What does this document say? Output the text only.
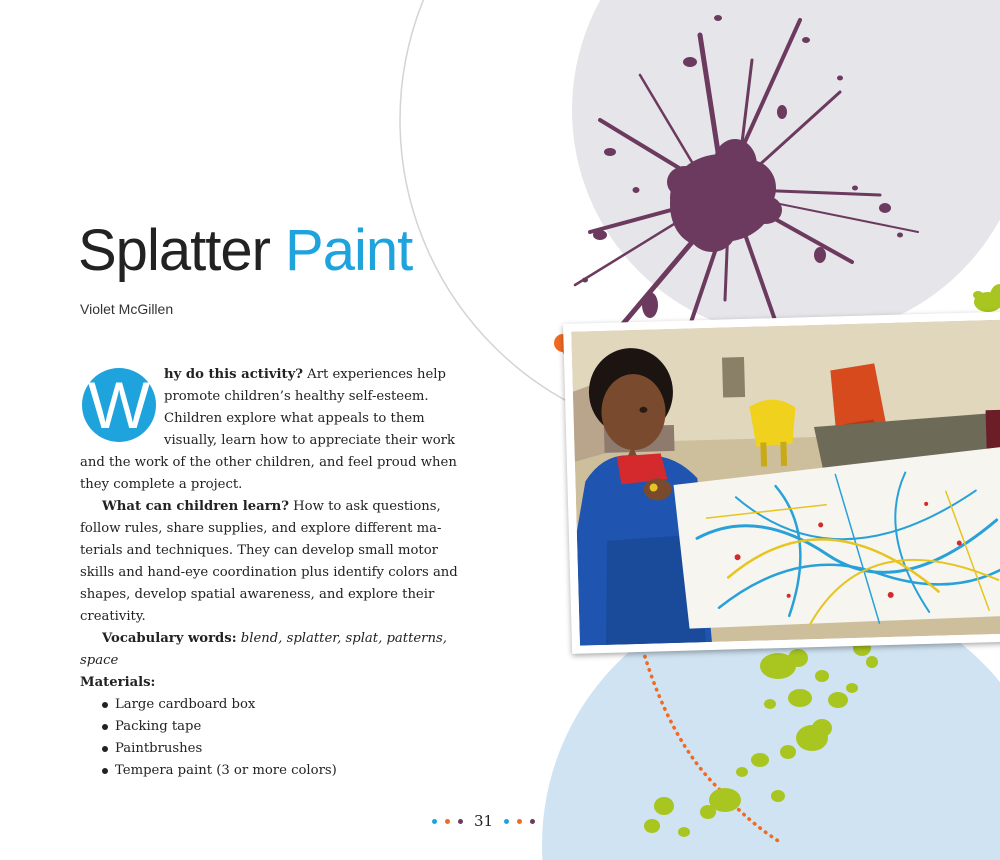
Splatter Paint
Violet McGillen
W	hy do this activity? Art experiences help promote children’s healthy self-esteem. Children explore what appeals to them visually, learn how to appreciate their work and the work of the other children, and feel proud when they complete a project.

What can children learn? How to ask questions, follow rules, share supplies, and explore different ma-terials and techniques. They can develop small motor skills and hand-eye coordination plus identify colors and shapes, develop spatial awareness, and explore their creativity.

Vocabulary words: blend, splatter, splat, patterns, space

Materials:

Large cardboard box
Packing tape
Paintbrushes
Tempera paint (3 or more colors)
31
